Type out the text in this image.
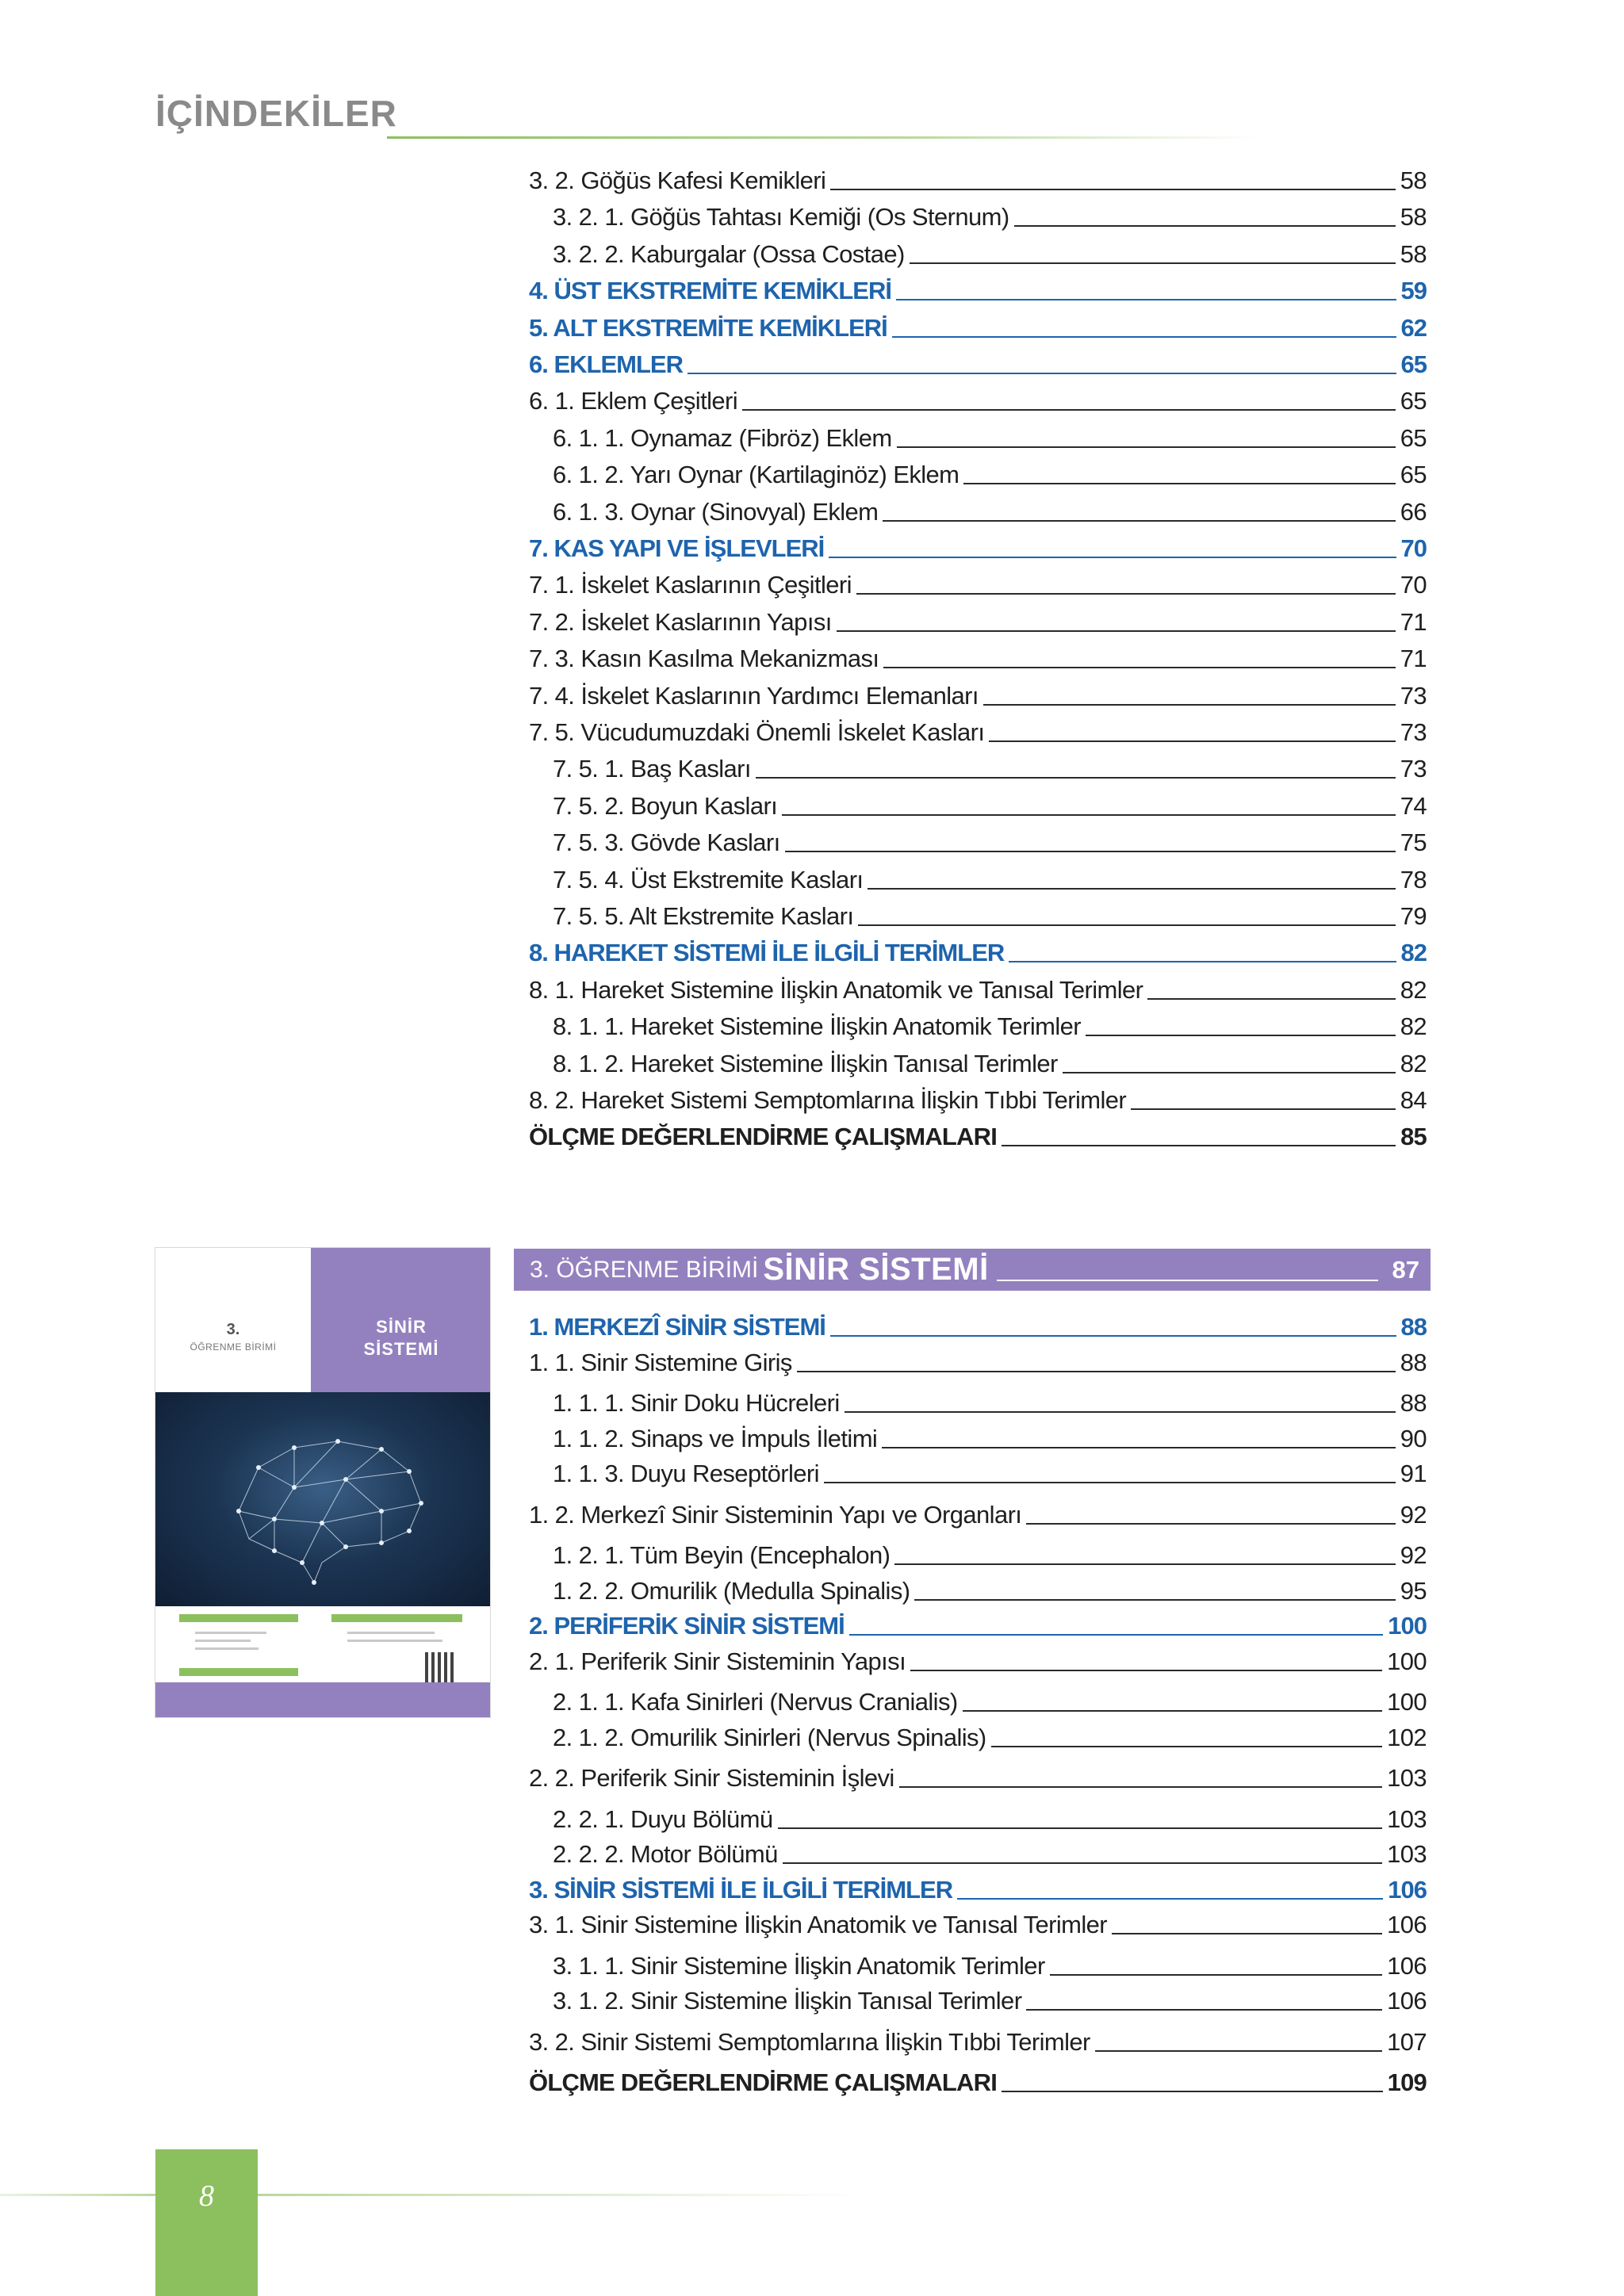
İÇİNDEKİLER
3. 2. Göğüs Kafesi Kemikleri	58
3. 2. 1. Göğüs Tahtası Kemiği (Os Sternum)	58
3. 2. 2. Kaburgalar (Ossa Costae)	58
4. ÜST EKSTREMİTE KEMİKLERİ	59
5. ALT EKSTREMİTE KEMİKLERİ	62
6. EKLEMLER	65
6. 1. Eklem Çeşitleri	65
6. 1. 1. Oynamaz (Fibröz) Eklem	65
6. 1. 2. Yarı Oynar (Kartilaginöz) Eklem	65
6. 1. 3. Oynar (Sinovyal) Eklem	66
7. KAS YAPI VE İŞLEVLERİ	70
7. 1. İskelet Kaslarının Çeşitleri	70
7. 2. İskelet Kaslarının Yapısı	71
7. 3. Kasın Kasılma Mekanizması	71
7. 4. İskelet Kaslarının Yardımcı Elemanları	73
7. 5. Vücudumuzdaki Önemli İskelet Kasları	73
7. 5. 1. Baş Kasları	73
7. 5. 2. Boyun Kasları	74
7. 5. 3. Gövde Kasları	75
7. 5. 4. Üst Ekstremite Kasları	78
7. 5. 5. Alt Ekstremite Kasları	79
8. HAREKET SİSTEMİ İLE İLGİLİ TERİMLER	82
8. 1. Hareket Sistemine İlişkin Anatomik ve Tanısal Terimler	82
8. 1. 1. Hareket Sistemine İlişkin Anatomik Terimler	82
8. 1. 2. Hareket Sistemine İlişkin Tanısal Terimler	82
8. 2. Hareket Sistemi Semptomlarına İlişkin Tıbbi Terimler	84
ÖLÇME DEĞERLENDİRME ÇALIŞMALARI	85
1. MERKEZÎ SİNİR SİSTEMİ	88
1. 1. Sinir Sistemine Giriş	88
1. 1. 1. Sinir Doku Hücreleri	88
1. 1. 2. Sinaps ve İmpuls İletimi	90
1. 1. 3. Duyu Reseptörleri	91
1. 2. Merkezî Sinir Sisteminin Yapı ve Organları	92
1. 2. 1. Tüm Beyin (Encephalon)	92
1. 2. 2. Omurilik (Medulla Spinalis)	95
2. PERİFERİK SİNİR SİSTEMİ	100
2. 1. Periferik Sinir Sisteminin Yapısı	100
2. 1. 1. Kafa Sinirleri (Nervus Cranialis)	100
2. 1. 2. Omurilik Sinirleri (Nervus Spinalis)	102
2. 2. Periferik Sinir Sisteminin İşlevi	103
2. 2. 1. Duyu Bölümü	103
2. 2. 2. Motor Bölümü	103
3. SİNİR SİSTEMİ İLE İLGİLİ TERİMLER	106
3. 1. Sinir Sistemine İlişkin Anatomik ve Tanısal Terimler	106
3. 1. 1. Sinir Sistemine İlişkin Anatomik Terimler	106
3. 1. 2. Sinir Sistemine İlişkin Tanısal Terimler	106
3. 2. Sinir Sistemi Semptomlarına İlişkin Tıbbi Terimler	107
ÖLÇME DEĞERLENDİRME ÇALIŞMALARI	109
3. ÖĞRENME BİRİMİ SİNİR SİSTEMİ	87
3.
ÖĞRENME BİRİMİ
SİNİR
SİSTEMİ
8
